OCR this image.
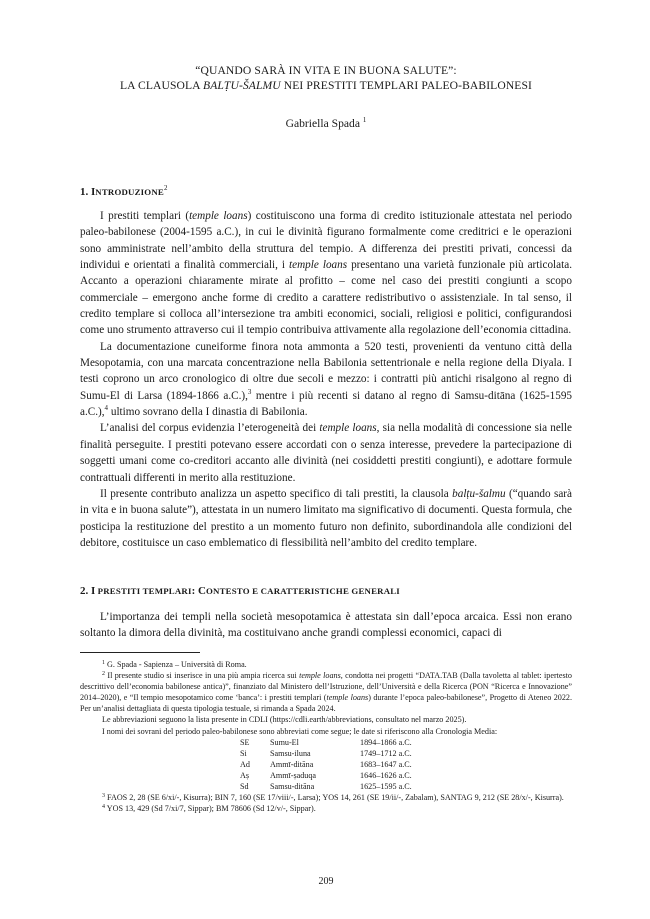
“QUANDO SARÀ IN VITA E IN BUONA SALUTE”:
LA CLAUSOLA BALṬU-ŠALMU NEI PRESTITI TEMPLARI PALEO-BABILONESI
Gabriella Spada $^1$
1. INTRODUZIONE$^2$

I prestiti templari (temple loans) costituiscono una forma di credito istituzionale attestata nel periodo paleo-babilonese (2004-1595 a.C.), in cui le divinità figurano formalmente come creditrici e le operazioni sono amministrate nell’ambito della struttura del tempio. A differenza dei prestiti privati, concessi da individui e orientati a finalità commerciali, i temple loans presentano una varietà funzionale più articolata. Accanto a operazioni chiaramente mirate al profitto – come nel caso dei prestiti congiunti a scopo commerciale – emergono anche forme di credito a carattere redistributivo o assistenziale. In tal senso, il credito templare si colloca all’intersezione tra ambiti economici, sociali, religiosi e politici, configurandosi come uno strumento attraverso cui il tempio contribuiva attivamente alla regolazione dell’economia cittadina.

La documentazione cuneiforme finora nota ammonta a 520 testi, provenienti da ventuno città della Mesopotamia, con una marcata concentrazione nella Babilonia settentrionale e nella regione della Diyala. I testi coprono un arco cronologico di oltre due secoli e mezzo: i contratti più antichi risalgono al regno di Sumu-El di Larsa (1894-1866 a.C.),$^3$ mentre i più recenti si datano al regno di Samsu-ditāna (1625-1595 a.C.),$^4$ ultimo sovrano della I dinastia di Babilonia.

L’analisi del corpus evidenzia l’eterogeneità dei temple loans, sia nella modalità di concessione sia nelle finalità perseguite. I prestiti potevano essere accordati con o senza interesse, prevedere la partecipazione di soggetti umani come co-creditori accanto alle divinità (nei cosiddetti prestiti congiunti), e adottare formule contrattuali differenti in merito alla restituzione.

Il presente contributo analizza un aspetto specifico di tali prestiti, la clausola balṭu-šalmu (“quando sarà in vita e in buona salute”), attestata in un numero limitato ma significativo di documenti. Questa formula, che posticipa la restituzione del prestito a un momento futuro non definito, subordinandola alle condizioni del debitore, costituisce un caso emblematico di flessibilità nell’ambito del credito templare.

2. I PRESTITI TEMPLARI: CONTESTO E CARATTERISTICHE GENERALI

L’importanza dei templi nella società mesopotamica è attestata sin dall’epoca arcaica. Essi non erano soltanto la dimora della divinità, ma costituivano anche grandi complessi economici, capaci di

$^1$ G. Spada - Sapienza – Università di Roma.

$^2$ Il presente studio si inserisce in una più ampia ricerca sui temple loans, condotta nei progetti “DATA.TAB (Dalla tavoletta al tablet: ipertesto descrittivo dell’economia babilonese antica)”, finanziato dal Ministero dell’Istruzione, dell’Università e della Ricerca (PON “Ricerca e Innovazione” 2014–2020), e “Il tempio mesopotamico come ‘banca’: i prestiti templari (temple loans) durante l’epoca paleo-babilonese”, Progetto di Ateneo 2022. Per un’analisi dettagliata di questa tipologia testuale, si rimanda a Spada 2024.

Le abbreviazioni seguono la lista presente in CDLI (https://cdli.earth/abbreviations, consultato nel marzo 2025).

I nomi dei sovrani del periodo paleo-babilonese sono abbreviati come segue; le date si riferiscono alla Cronologia Media:

SE	Sumu-El	1894–1866 a.C.
Si	Samsu-iluna	1749–1712 a.C.
Ad	Ammī-ditāna	1683–1647 a.C.
Aṣ	Ammī-ṣaduqa	1646–1626 a.C.
Sd	Samsu-ditāna	1625–1595 a.C.

$^3$ FAOS 2, 28 (SE 6/xi/-, Kisurra); BIN 7, 160 (SE 17/viii/-, Larsa); YOS 14, 261 (SE 19/ii/-, Zabalam), SANTAG 9, 212 (SE 28/x/-, Kisurra).

$^4$ YOS 13, 429 (Sd 7/xi/7, Sippar); BM 78606 (Sd 12/v/-, Sippar).

209
